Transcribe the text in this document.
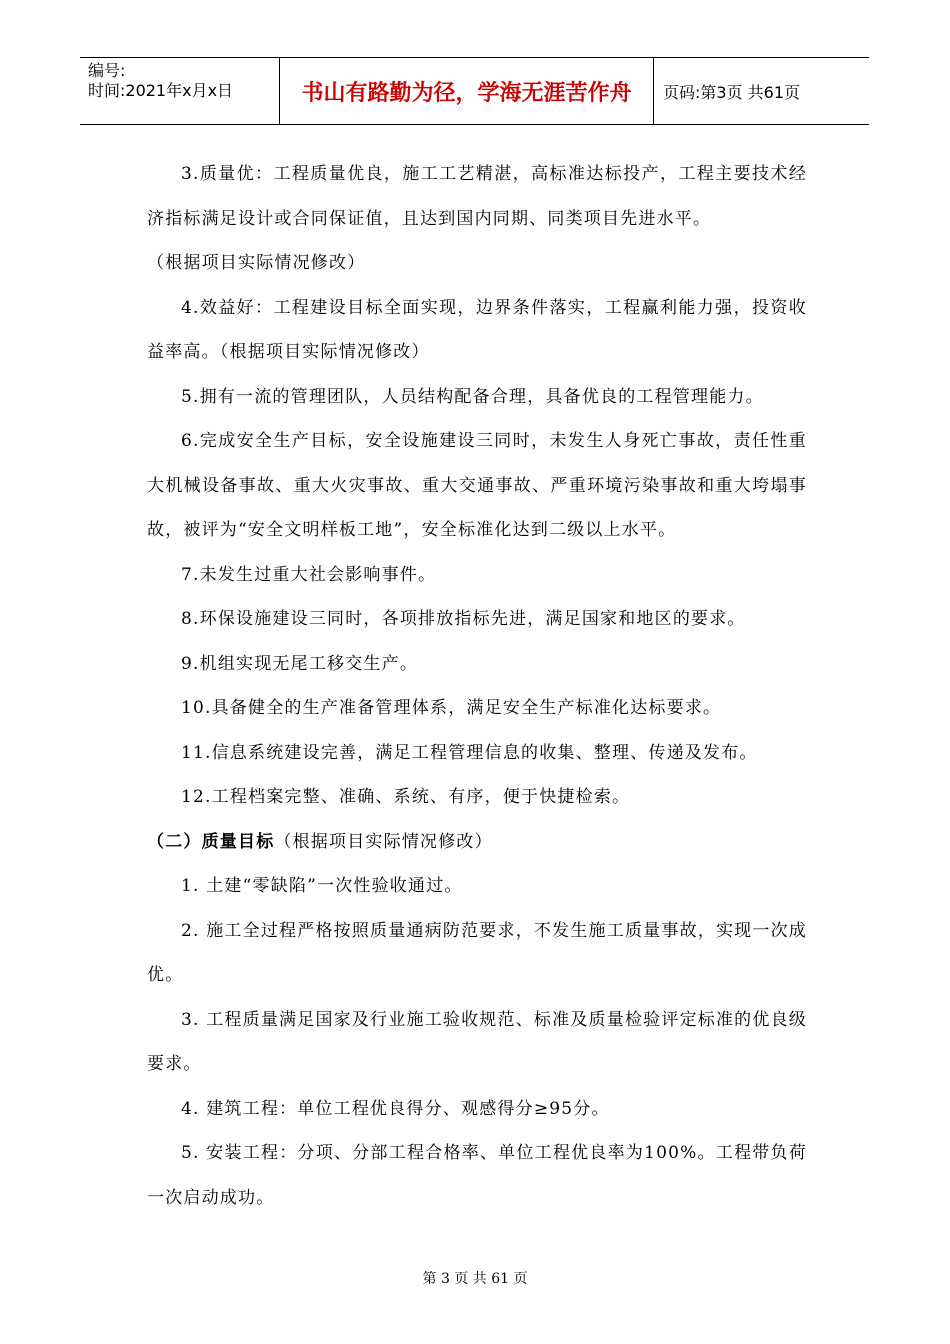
编号:
时间:2021年x月x日	书山有路勤为径，学海无涯苦作舟	页码:第3页 共61页

3.质量优：工程质量优良，施工工艺精湛，高标准达标投产，工程主要技术经济指标满足设计或合同保证值，且达到国内同期、同类项目先进水平。

（根据项目实际情况修改）

4.效益好：工程建设目标全面实现，边界条件落实，工程赢利能力强，投资收益率高。（根据项目实际情况修改）

5.拥有一流的管理团队，人员结构配备合理，具备优良的工程管理能力。

6.完成安全生产目标，安全设施建设三同时，未发生人身死亡事故，责任性重大机械设备事故、重大火灾事故、重大交通事故、严重环境污染事故和重大垮塌事故，被评为“安全文明样板工地”，安全标准化达到二级以上水平。

7.未发生过重大社会影响事件。

8.环保设施建设三同时，各项排放指标先进，满足国家和地区的要求。

9.机组实现无尾工移交生产。

10.具备健全的生产准备管理体系，满足安全生产标准化达标要求。

11.信息系统建设完善，满足工程管理信息的收集、整理、传递及发布。

12.工程档案完整、准确、系统、有序，便于快捷检索。

（二）质量目标（根据项目实际情况修改）

1. 土建“零缺陷”一次性验收通过。

2. 施工全过程严格按照质量通病防范要求，不发生施工质量事故，实现一次成优。

3. 工程质量满足国家及行业施工验收规范、标准及质量检验评定标准的优良级要求。

4. 建筑工程：单位工程优良得分、观感得分≥95分。

5. 安装工程：分项、分部工程合格率、单位工程优良率为100%。工程带负荷一次启动成功。

第 3 页 共 61 页
